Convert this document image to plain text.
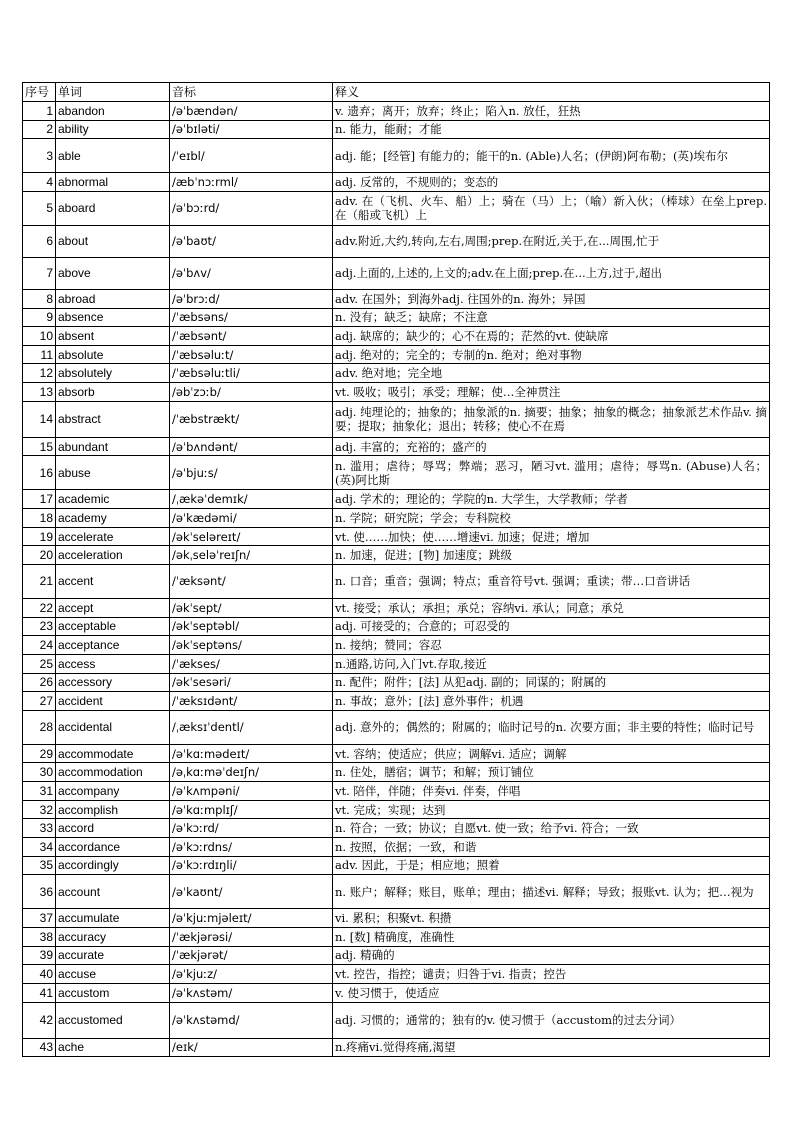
序号	单词	音标	释义
1	abandon	/əˈbændən/	v. 遗弃；离开；放弃；终止；陷入n. 放任，狂热
2	ability	/əˈbɪləti/	n. 能力，能耐；才能
3	able	/ˈeɪbl/	adj. 能；[经管] 有能力的；能干的n. (Able)人名；(伊朗)阿布勒；(英)埃布尔
4	abnormal	/æbˈnɔːrml/	adj. 反常的，不规则的；变态的
5	aboard	/əˈbɔːrd/	adv. 在（飞机、火车、船）上；骑在（马）上；（喻）新入伙；（棒球）在垒上prep. 在（船或飞机）上
6	about	/əˈbaʊt/	adv.附近,大约,转向,左右,周围;prep.在附近,关于,在...周围,忙于
7	above	/əˈbʌv/	adj.上面的,上述的,上文的;adv.在上面;prep.在...上方,过于,超出
8	abroad	/əˈbrɔːd/	adv. 在国外；到海外adj. 往国外的n. 海外；异国
9	absence	/ˈæbsəns/	n. 没有；缺乏；缺席；不注意
10	absent	/ˈæbsənt/	adj. 缺席的；缺少的；心不在焉的；茫然的vt. 使缺席
11	absolute	/ˈæbsəluːt/	adj. 绝对的；完全的；专制的n. 绝对；绝对事物
12	absolutely	/ˈæbsəluːtli/	adv. 绝对地；完全地
13	absorb	/əbˈzɔːb/	vt. 吸收；吸引；承受；理解；使…全神贯注
14	abstract	/ˈæbstrækt/	adj. 纯理论的；抽象的；抽象派的n. 摘要；抽象；抽象的概念；抽象派艺术作品v. 摘要；提取；抽象化；退出；转移；使心不在焉
15	abundant	/əˈbʌndənt/	adj. 丰富的；充裕的；盛产的
16	abuse	/əˈbjuːs/	n. 滥用；虐待；辱骂；弊端；恶习，陋习vt. 滥用；虐待；辱骂n. (Abuse)人名；(英)阿比斯
17	academic	/ˌækəˈdemɪk/	adj. 学术的；理论的；学院的n. 大学生，大学教师；学者
18	academy	/əˈkædəmi/	n. 学院；研究院；学会；专科院校
19	accelerate	/əkˈseləreɪt/	vt. 使……加快；使……增速vi. 加速；促进；增加
20	acceleration	/əkˌseləˈreɪʃn/	n. 加速，促进；[物] 加速度；跳级
21	accent	/ˈæksənt/	n. 口音；重音；强调；特点；重音符号vt. 强调；重读；带…口音讲话
22	accept	/əkˈsept/	vt. 接受；承认；承担；承兑；容纳vi. 承认；同意；承兑
23	acceptable	/əkˈseptəbl/	adj. 可接受的；合意的；可忍受的
24	acceptance	/əkˈseptəns/	n. 接纳；赞同；容忍
25	access	/ˈækses/	n.通路,访问,入门vt.存取,接近
26	accessory	/əkˈsesəri/	n. 配件；附件；[法] 从犯adj. 副的；同谋的；附属的
27	accident	/ˈæksɪdənt/	n. 事故；意外；[法] 意外事件；机遇
28	accidental	/ˌæksɪˈdentl/	adj. 意外的；偶然的；附属的；临时记号的n. 次要方面；非主要的特性；临时记号
29	accommodate	/əˈkɑːmədeɪt/	vt. 容纳；使适应；供应；调解vi. 适应；调解
30	accommodation	/əˌkɑːməˈdeɪʃn/	n. 住处，膳宿；调节；和解；预订铺位
31	accompany	/əˈkʌmpəni/	vt. 陪伴，伴随；伴奏vi. 伴奏，伴唱
32	accomplish	/əˈkɑːmplɪʃ/	vt. 完成；实现；达到
33	accord	/əˈkɔːrd/	n. 符合；一致；协议；自愿vt. 使一致；给予vi. 符合；一致
34	accordance	/əˈkɔːrdns/	n. 按照，依据；一致，和谐
35	accordingly	/əˈkɔːrdɪŋli/	adv. 因此，于是；相应地；照着
36	account	/əˈkaʊnt/	n. 账户；解释；账目，账单；理由；描述vi. 解释；导致；报账vt. 认为；把…视为
37	accumulate	/əˈkjuːmjəleɪt/	vi. 累积；积聚vt. 积攒
38	accuracy	/ˈækjərəsi/	n. [数] 精确度，准确性
39	accurate	/ˈækjərət/	adj. 精确的
40	accuse	/əˈkjuːz/	vt. 控告，指控；谴责；归咎于vi. 指责；控告
41	accustom	/əˈkʌstəm/	v. 使习惯于，使适应
42	accustomed	/əˈkʌstəmd/	adj. 习惯的；通常的；独有的v. 使习惯于（accustom的过去分词）
43	ache	/eɪk/	n.疼痛vi.觉得疼痛,渴望
